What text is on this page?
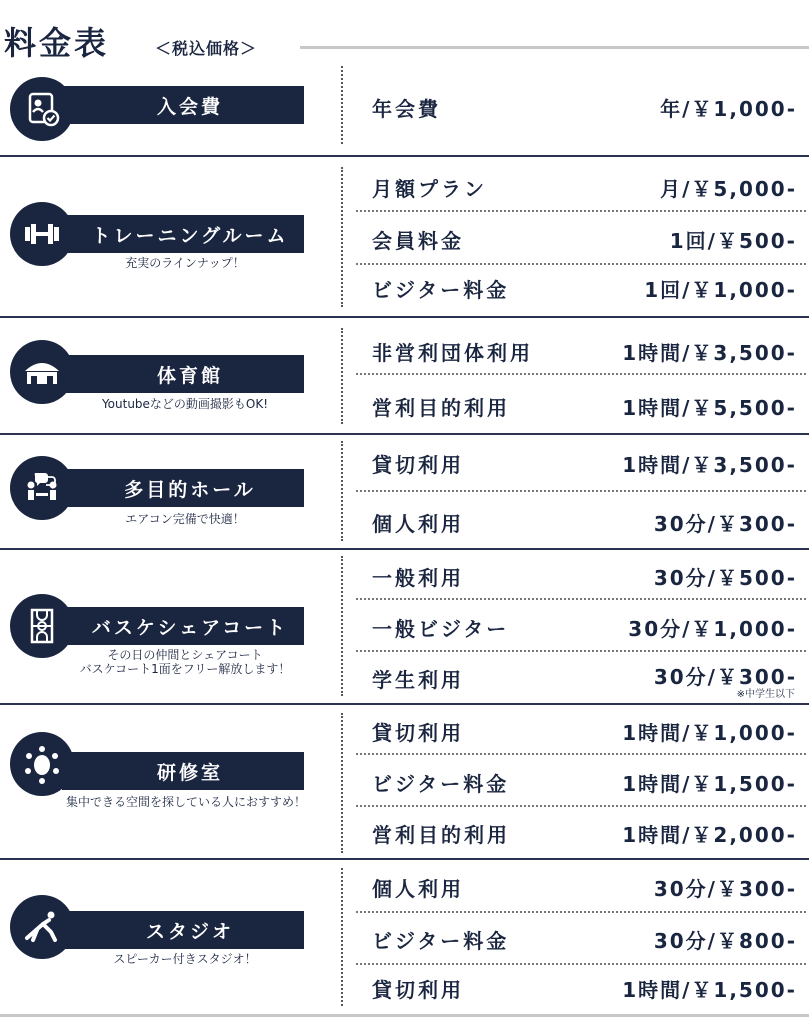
料金表	＜税込価格＞
入会費	年会費	年/￥1,000-
トレーニングルーム
充実のラインナップ！
月額プラン	月/￥5,000-
会員料金	1回/￥500-
ビジター料金	1回/￥1,000-
体育館
Youtubeなどの動画撮影もOK!
非営利団体利用	1時間/￥3,500-
営利目的利用	1時間/￥5,500-
多目的ホール
エアコン完備で快適！
貸切利用	1時間/￥3,500-
個人利用	30分/￥300-
バスケシェアコート
その日の仲間とシェアコート
バスケコート1面をフリー解放します！
一般利用	30分/￥500-
一般ビジター	30分/￥1,000-
学生利用	30分/￥300-
※中学生以下
研修室
集中できる空間を探している人におすすめ！
貸切利用	1時間/￥1,000-
ビジター料金	1時間/￥1,500-
営利目的利用	1時間/￥2,000-
スタジオ
スピーカー付きスタジオ！
個人利用	30分/￥300-
ビジター料金	30分/￥800-
貸切利用	1時間/￥1,500-
